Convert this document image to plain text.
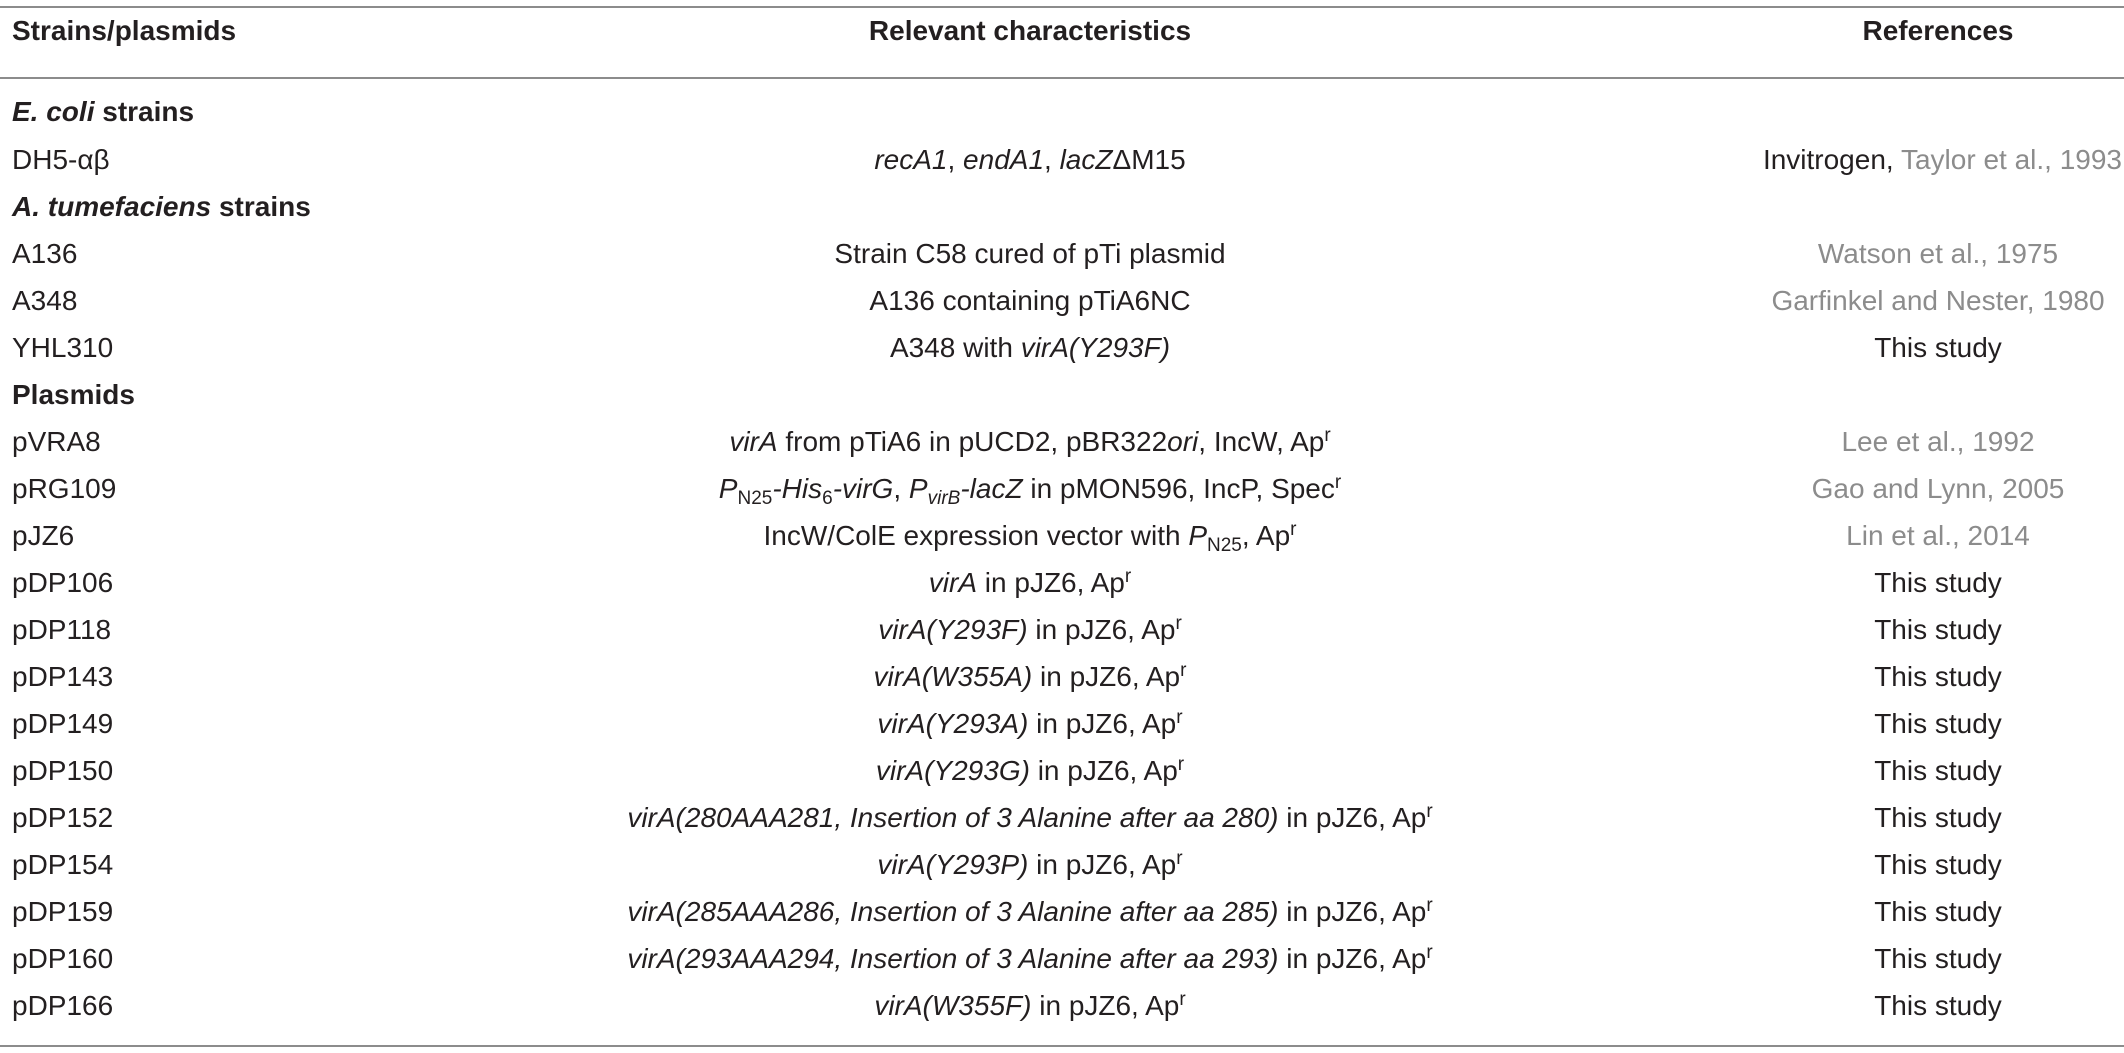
Strains/plasmids	Relevant characteristics	References
E. coli strains
DH5-αβ	recA1, endA1, lacZΔM15	Invitrogen, Taylor et al., 1993
A. tumefaciens strains
A136	Strain C58 cured of pTi plasmid	Watson et al., 1975
A348	A136 containing pTiA6NC	Garfinkel and Nester, 1980
YHL310	A348 with virA(Y293F)	This study
Plasmids
pVRA8	virA from pTiA6 in pUCD2, pBR322ori, IncW, Ap$^r$	Lee et al., 1992
pRG109	$P_{N25}-His_6$-virG, $P_{virB}$-lacZ in pMON596, IncP, Spec$^r$	Gao and Lynn, 2005
pJZ6	IncW/ColE expression vector with $P_{N25}$, Ap$^r$	Lin et al., 2014
pDP106	virA in pJZ6, Ap$^r$	This study
pDP118	virA(Y293F) in pJZ6, Ap$^r$	This study
pDP143	virA(W355A) in pJZ6, Ap$^r$	This study
pDP149	virA(Y293A) in pJZ6, Ap$^r$	This study
pDP150	virA(Y293G) in pJZ6, Ap$^r$	This study
pDP152	virA(280AAA281, Insertion of 3 Alanine after aa 280) in pJZ6, Ap$^r$	This study
pDP154	virA(Y293P) in pJZ6, Ap$^r$	This study
pDP159	virA(285AAA286, Insertion of 3 Alanine after aa 285) in pJZ6, Ap$^r$	This study
pDP160	virA(293AAA294, Insertion of 3 Alanine after aa 293) in pJZ6, Ap$^r$	This study
pDP166	virA(W355F) in pJZ6, Ap$^r$	This study
